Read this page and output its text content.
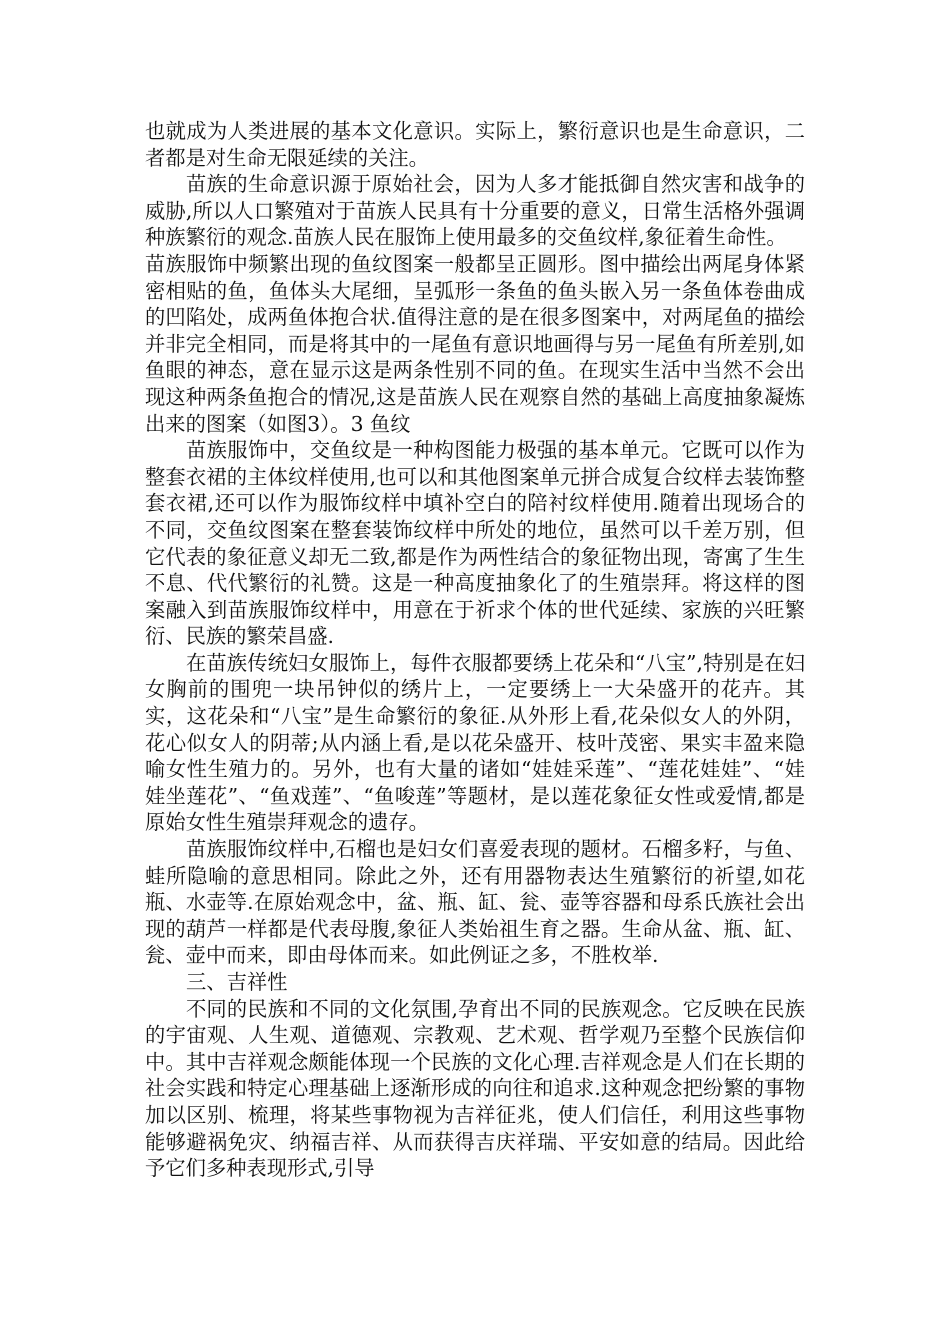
也就成为人类进展的基本文化意识。实际上，繁衍意识也是生命意识，二者都是对生命无限延续的关注。

苗族的生命意识源于原始社会，因为人多才能抵御自然灾害和战争的威胁,所以人口繁殖对于苗族人民具有十分重要的意义，日常生活格外强调种族繁衍的观念.苗族人民在服饰上使用最多的交鱼纹样,象征着生命性。

苗族服饰中频繁出现的鱼纹图案一般都呈正圆形。图中描绘出两尾身体紧密相贴的鱼，鱼体头大尾细，呈弧形一条鱼的鱼头嵌入另一条鱼体卷曲成的凹陷处，成两鱼体抱合状.值得注意的是在很多图案中，对两尾鱼的描绘并非完全相同，而是将其中的一尾鱼有意识地画得与另一尾鱼有所差别,如鱼眼的神态，意在显示这是两条性别不同的鱼。在现实生活中当然不会出现这种两条鱼抱合的情况,这是苗族人民在观察自然的基础上高度抽象凝炼出来的图案（如图3）。3 鱼纹

苗族服饰中，交鱼纹是一种构图能力极强的基本单元。它既可以作为整套衣裙的主体纹样使用,也可以和其他图案单元拼合成复合纹样去装饰整套衣裙,还可以作为服饰纹样中填补空白的陪衬纹样使用.随着出现场合的不同，交鱼纹图案在整套装饰纹样中所处的地位，虽然可以千差万别，但它代表的象征意义却无二致,都是作为两性结合的象征物出现，寄寓了生生不息、代代繁衍的礼赞。这是一种高度抽象化了的生殖崇拜。将这样的图案融入到苗族服饰纹样中，用意在于祈求个体的世代延续、家族的兴旺繁衍、民族的繁荣昌盛.

在苗族传统妇女服饰上，每件衣服都要绣上花朵和“八宝”,特别是在妇女胸前的围兜一块吊钟似的绣片上，一定要绣上一大朵盛开的花卉。其实，这花朵和“八宝”是生命繁衍的象征.从外形上看,花朵似女人的外阴，花心似女人的阴蒂;从内涵上看,是以花朵盛开、枝叶茂密、果实丰盈来隐喻女性生殖力的。另外，也有大量的诸如“娃娃采莲”、“莲花娃娃”、“娃娃坐莲花”、“鱼戏莲”、“鱼唆莲”等题材，是以莲花象征女性或爱情,都是原始女性生殖崇拜观念的遗存。

苗族服饰纹样中,石榴也是妇女们喜爱表现的题材。石榴多籽，与鱼、蛙所隐喻的意思相同。除此之外，还有用器物表达生殖繁衍的祈望,如花瓶、水壶等.在原始观念中，盆、瓶、缸、瓮、壶等容器和母系氏族社会出现的葫芦一样都是代表母腹,象征人类始祖生育之器。生命从盆、瓶、缸、瓮、壶中而来，即由母体而来。如此例证之多，不胜枚举.

三、吉祥性

不同的民族和不同的文化氛围,孕育出不同的民族观念。它反映在民族的宇宙观、人生观、道德观、宗教观、艺术观、哲学观乃至整个民族信仰中。其中吉祥观念颇能体现一个民族的文化心理.吉祥观念是人们在长期的社会实践和特定心理基础上逐渐形成的向往和追求.这种观念把纷繁的事物加以区别、梳理，将某些事物视为吉祥征兆，使人们信任，利用这些事物能够避祸免灾、纳福吉祥、从而获得吉庆祥瑞、平安如意的结局。因此给予它们多种表现形式,引导
